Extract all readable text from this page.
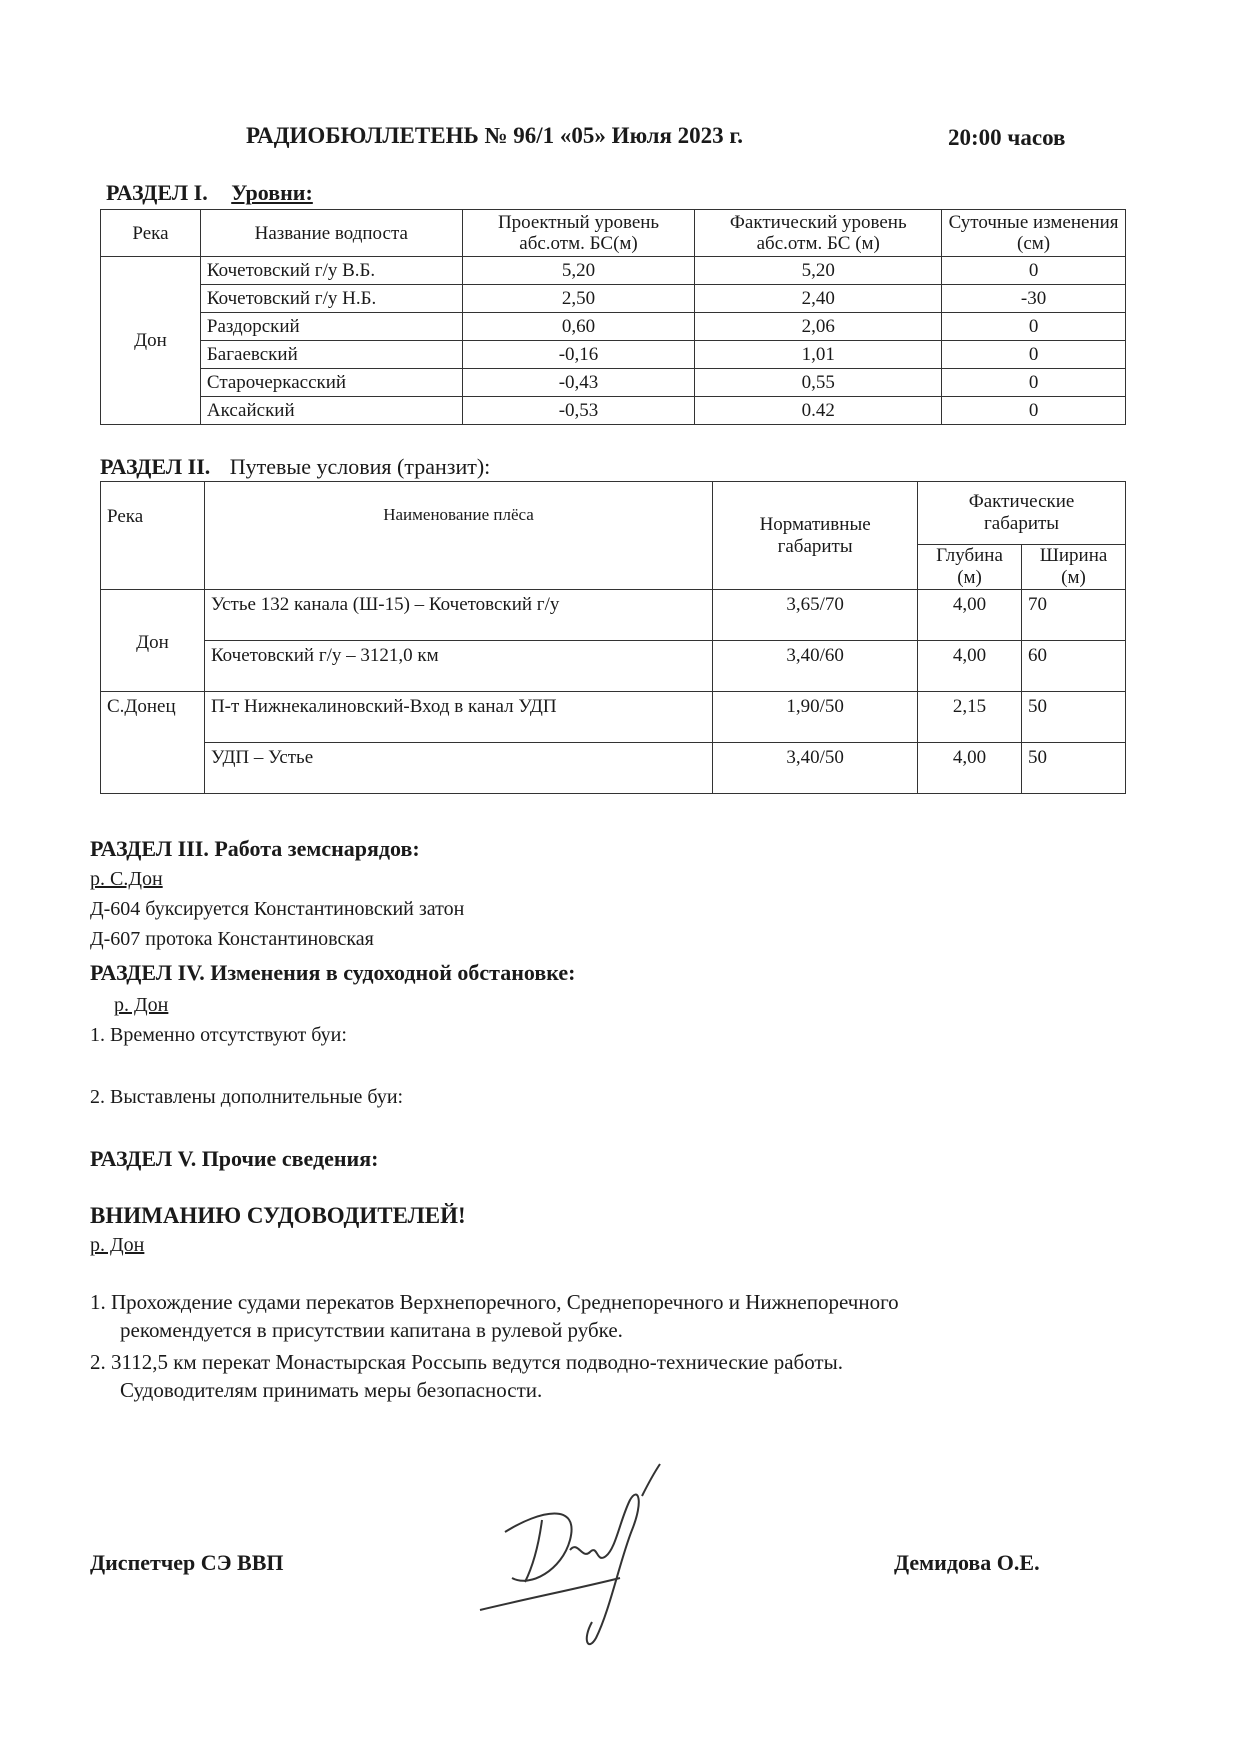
РАДИОБЮЛЛЕТЕНЬ № 96/1 «05» Июля 2023 г.	20:00 часов
РАЗДЕЛ I. Уровни:
Река	Название водпоста	Проектный уровень абс.отм. БС(м)	Фактический уровень абс.отм. БС (м)	Суточные изменения (см)
Дон	Кочетовский г/у В.Б.	5,20	5,20	0
	Кочетовский г/у Н.Б.	2,50	2,40	-30
	Раздорский	0,60	2,06	0
	Багаевский	-0,16	1,01	0
	Старочеркасский	-0,43	0,55	0
	Аксайский	-0,53	0.42	0
РАЗДЕЛ II. Путевые условия (транзит):
Река	Наименование плёса	Нормативные габариты	Фактические габариты	
			Глубина (м)	Ширина (м)
Дон	Устье 132 канала (Ш-15) – Кочетовский г/у	3,65/70	4,00	70
	Кочетовский г/у – 3121,0 км	3,40/60	4,00	60
С.Донец	П-т Нижнекалиновский-Вход в канал УДП	1,90/50	2,15	50
	УДП – Устье	3,40/50	4,00	50
РАЗДЕЛ III. Работа земснарядов:
р. С.Дон
Д-604 буксируется Константиновский затон
Д-607 протока Константиновская
РАЗДЕЛ IV. Изменения в судоходной обстановке:
р. Дон
1. Временно отсутствуют буи:
2. Выставлены дополнительные буи:
РАЗДЕЛ V. Прочие сведения:
ВНИМАНИЮ СУДОВОДИТЕЛЕЙ!
р. Дон
1. Прохождение судами перекатов Верхнепоречного, Среднепоречного и Нижнепоречного
рекомендуется в присутствии капитана в рулевой рубке.
2. 3112,5 км перекат Монастырская Россыпь ведутся подводно-технические работы.
Судоводителям принимать меры безопасности.
Диспетчер СЭ ВВП	Демидова О.Е.
